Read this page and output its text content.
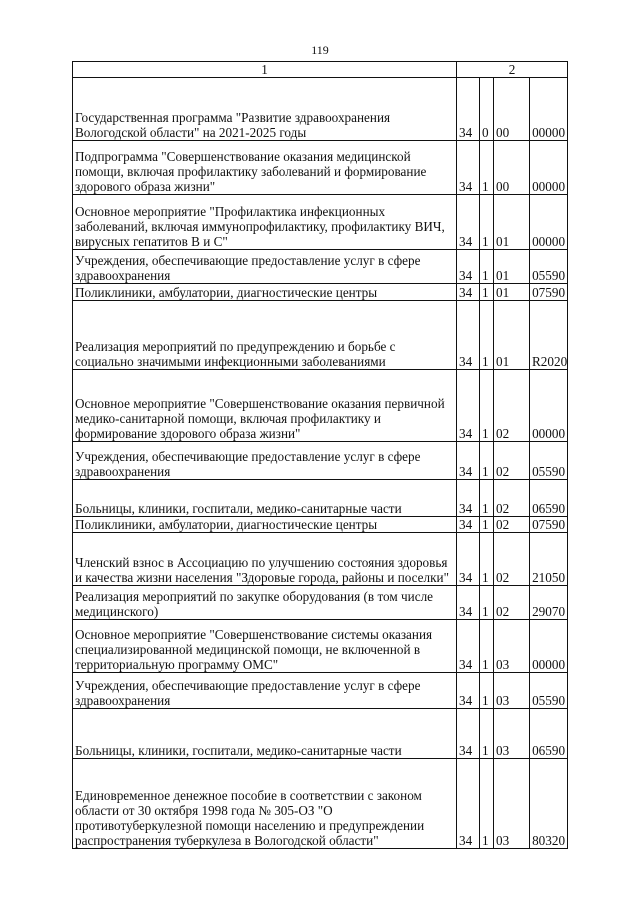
119
1	2			
Государственная программа "Развитие здравоохранения Вологодской области" на 2021-2025 годы	34	0	00	00000
Подпрограмма "Совершенствование оказания медицинской помощи, включая профилактику заболеваний и формирование здорового образа жизни"	34	1	00	00000
Основное мероприятие "Профилактика инфекционных заболеваний, включая иммунопрофилактику, профилактику ВИЧ, вирусных гепатитов В и С"	34	1	01	00000
Учреждения, обеспечивающие предоставление услуг в сфере здравоохранения	34	1	01	05590
Поликлиники, амбулатории, диагностические центры	34	1	01	07590
Реализация мероприятий по предупреждению и борьбе с социально значимыми инфекционными заболеваниями	34	1	01	R2020
Основное мероприятие "Совершенствование оказания первичной медико-санитарной помощи, включая профилактику и формирование здорового образа жизни"	34	1	02	00000
Учреждения, обеспечивающие предоставление услуг в сфере здравоохранения	34	1	02	05590
Больницы, клиники, госпитали, медико-санитарные части	34	1	02	06590
Поликлиники, амбулатории, диагностические центры	34	1	02	07590
Членский взнос в Ассоциацию по улучшению состояния здоровья и качества жизни населения "Здоровые города, районы и поселки"	34	1	02	21050
Реализация мероприятий по закупке оборудования (в том числе медицинского)	34	1	02	29070
Основное мероприятие "Совершенствование системы оказания специализированной медицинской помощи, не включенной в территориальную программу ОМС"	34	1	03	00000
Учреждения, обеспечивающие предоставление услуг в сфере здравоохранения	34	1	03	05590
Больницы, клиники, госпитали, медико-санитарные части	34	1	03	06590
Единовременное денежное пособие в соответствии с законом области от 30 октября 1998 года № 305-ОЗ "О противотуберкулезной помощи населению и предупреждении распространения туберкулеза в Вологодской области"	34	1	03	80320
